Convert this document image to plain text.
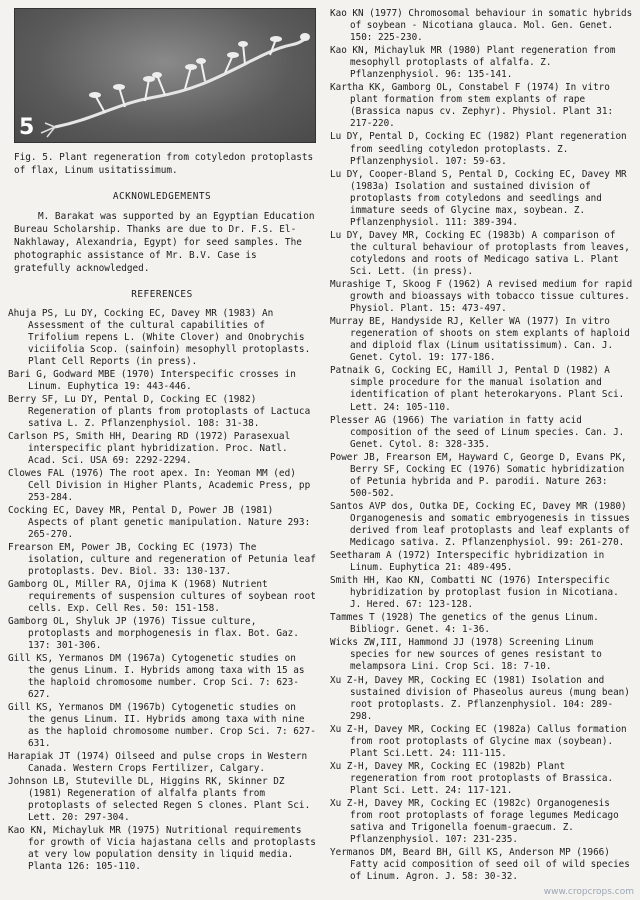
5

Fig. 5. Plant regeneration from cotyledon protoplasts of flax, Linum usitatissimum.

ACKNOWLEDGEMENTS

M. Barakat was supported by an Egyptian Education Bureau Scholarship. Thanks are due to Dr. F.S. El-Nakhlaway, Alexandria, Egypt) for seed samples. The photographic assistance of Mr. B.V. Case is gratefully acknowledged.

REFERENCES
Ahuja PS, Lu DY, Cocking EC, Davey MR (1983) An Assessment of the cultural capabilities of Trifolium repens L. (White Clover) and Onobrychis viciifolia Scop. (sainfoin) mesophyll protoplasts. Plant Cell Reports (in press).
Bari G, Godward MBE (1970) Interspecific crosses in Linum. Euphytica 19: 443-446.
Berry SF, Lu DY, Pental D, Cocking EC (1982) Regeneration of plants from protoplasts of Lactuca sativa L. Z. Pflanzenphysiol. 108: 31-38.
Carlson PS, Smith HH, Dearing RD (1972) Parasexual interspecific plant hybridization. Proc. Natl. Acad. Sci. USA 69: 2292-2294.
Clowes FAL (1976) The root apex. In: Yeoman MM (ed) Cell Division in Higher Plants, Academic Press, pp 253-284.
Cocking EC, Davey MR, Pental D, Power JB (1981) Aspects of plant genetic manipulation. Nature 293: 265-270.
Frearson EM, Power JB, Cocking EC (1973) The isolation, culture and regeneration of Petunia leaf protoplasts. Dev. Biol. 33: 130-137.
Gamborg OL, Miller RA, Ojima K (1968) Nutrient requirements of suspension cultures of soybean root cells. Exp. Cell Res. 50: 151-158.
Gamborg OL, Shyluk JP (1976) Tissue culture, protoplasts and morphogenesis in flax. Bot. Gaz. 137: 301-306.
Gill KS, Yermanos DM (1967a) Cytogenetic studies on the genus Linum. I. Hybrids among taxa with 15 as the haploid chromosome number. Crop Sci. 7: 623-627.
Gill KS, Yermanos DM (1967b) Cytogenetic studies on the genus Linum. II. Hybrids among taxa with nine as the haploid chromosome number. Crop Sci. 7: 627-631.
Harapiak JT (1974) Oilseed and pulse crops in Western Canada. Western Crops Fertilizer, Calgary.
Johnson LB, Stuteville DL, Higgins RK, Skinner DZ (1981) Regeneration of alfalfa plants from protoplasts of selected Regen S clones. Plant Sci. Lett. 20: 297-304.
Kao KN, Michayluk MR (1975) Nutritional requirements for growth of Vicia hajastana cells and protoplasts at very low population density in liquid media. Planta 126: 105-110.
Kao KN (1977) Chromosomal behaviour in somatic hybrids of soybean - Nicotiana glauca. Mol. Gen. Genet. 150: 225-230.
Kao KN, Michayluk MR (1980) Plant regeneration from mesophyll protoplasts of alfalfa. Z. Pflanzenphysiol. 96: 135-141.
Kartha KK, Gamborg OL, Constabel F (1974) In vitro plant formation from stem explants of rape (Brassica napus cv. Zephyr). Physiol. Plant 31: 217-220.
Lu DY, Pental D, Cocking EC (1982) Plant regeneration from seedling cotyledon protoplasts. Z. Pflanzenphysiol. 107: 59-63.
Lu DY, Cooper-Bland S, Pental D, Cocking EC, Davey MR (1983a) Isolation and sustained division of protoplasts from cotyledons and seedlings and immature seeds of Glycine max, soybean. Z. Pflanzenphysiol. 111: 389-394.
Lu DY, Davey MR, Cocking EC (1983b) A comparison of the cultural behaviour of protoplasts from leaves, cotyledons and roots of Medicago sativa L. Plant Sci. Lett. (in press).
Murashige T, Skoog F (1962) A revised medium for rapid growth and bioassays with tobacco tissue cultures. Physiol. Plant. 15: 473-497.
Murray BE, Handyside RJ, Keller WA (1977) In vitro regeneration of shoots on stem explants of haploid and diploid flax (Linum usitatissimum). Can. J. Genet. Cytol. 19: 177-186.
Patnaik G, Cocking EC, Hamill J, Pental D (1982) A simple procedure for the manual isolation and identification of plant heterokaryons. Plant Sci. Lett. 24: 105-110.
Plesser AG (1966) The variation in fatty acid composition of the seed of Linum species. Can. J. Genet. Cytol. 8: 328-335.
Power JB, Frearson EM, Hayward C, George D, Evans PK, Berry SF, Cocking EC (1976) Somatic hybridization of Petunia hybrida and P. parodii. Nature 263: 500-502.
Santos AVP dos, Outka DE, Cocking EC, Davey MR (1980) Organogenesis and somatic embryogenesis in tissues derived from leaf protoplasts and leaf explants of Medicago sativa. Z. Pflanzenphysiol. 99: 261-270.
Seetharam A (1972) Interspecific hybridization in Linum. Euphytica 21: 489-495.
Smith HH, Kao KN, Combatti NC (1976) Interspecific hybridization by protoplast fusion in Nicotiana. J. Hered. 67: 123-128.
Tammes T (1928) The genetics of the genus Linum. Bibliogr. Genet. 4: 1-36.
Wicks ZW,III, Hammond JJ (1978) Screening Linum species for new sources of genes resistant to melampsora Lini. Crop Sci. 18: 7-10.
Xu Z-H, Davey MR, Cocking EC (1981) Isolation and sustained division of Phaseolus aureus (mung bean) root protoplasts. Z. Pflanzenphysiol. 104: 289-298.
Xu Z-H, Davey MR, Cocking EC (1982a) Callus formation from root protoplasts of Glycine max (soybean). Plant Sci.Lett. 24: 111-115.
Xu Z-H, Davey MR, Cocking EC (1982b) Plant regeneration from root protoplasts of Brassica. Plant Sci. Lett. 24: 117-121.
Xu Z-H, Davey MR, Cocking EC (1982c) Organogenesis from root protoplasts of forage legumes Medicago sativa and Trigonella foenum-graecum. Z. Pflanzenphysiol. 107: 231-235.
Yermanos DM, Beard BH, Gill KS, Anderson MP (1966) Fatty acid composition of seed oil of wild species of Linum. Agron. J. 58: 30-32.
www.cropcrops.com
